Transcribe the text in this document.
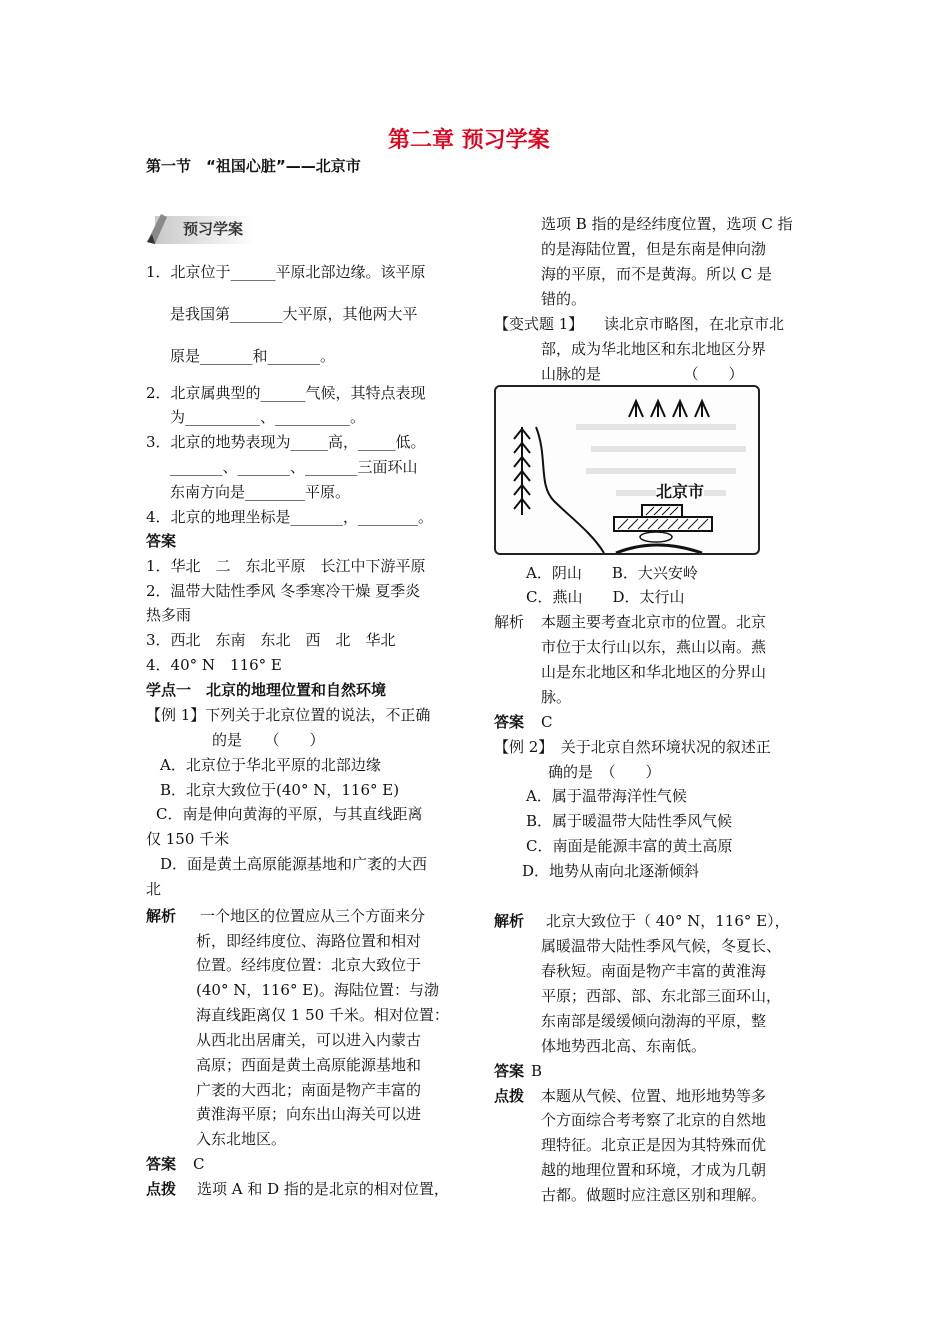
第二章 预习学案
第一节　“祖国心脏”——北京市
预习学案
1．北京位于______平原北部边缘。该平原
是我国第_______大平原，其他两大平
原是_______和_______。
2．北京属典型的______气候，其特点表现
为__________、__________。
3．北京的地势表现为_____高，_____低。
_______、_______、_______三面环山
东南方向是________平原。
4．北京的地理坐标是_______，________。
答案
1．华北　二　东北平原　长江中下游平原
2．温带大陆性季风 冬季寒冷干燥 夏季炎
热多雨
3．西北　东南　东北　西　北　华北
4．40° N　116° E
学点一　北京的地理位置和自然环境
【例 1】下列关于北京位置的说法，不正确
的是　　（　　）
A．北京位于华北平原的北部边缘
B．北京大致位于(40° N，116° E)
C．南是伸向黄海的平原，与其直线距离
仅 150 千米
D．面是黄土高原能源基地和广袤的大西
北
解析 一个地区的位置应从三个方面来分
析，即经纬度位、海路位置和相对
位置。经纬度位置：北京大致位于
(40° N，116° E)。海陆位置：与渤
海直线距离仅 1 50 千米。相对位置：
从西北出居庸关，可以进入内蒙古
高原；西面是黄土高原能源基地和
广袤的大西北；南面是物产丰富的
黄淮海平原；向东出山海关可以进
入东北地区。
答案 C
点拨 选项 A 和 D 指的是北京的相对位置，
选项 B 指的是经纬度位置，选项 C 指
的是海陆位置，但是东南是伸向渤
海的平原，而不是黄海。所以 C 是
错的。
【变式题 1】 读北京市略图，在北京市北
部，成为华北地区和东北地区分界
山脉的是　　　　　　（　　）
北京市
A．阴山　　B．大兴安岭
C．燕山　　D．太行山
解析 本题主要考查北京市的位置。北京
市位于太行山以东，燕山以南。燕
山是东北地区和华北地区的分界山
脉。
答案 C
【例 2】　关于北京自然环境状况的叙述正
确的是　（　　）
A．属于温带海洋性气候
B．属于暖温带大陆性季风气候
C．南面是能源丰富的黄土高原
D．地势从南向北逐渐倾斜
解析 北京大致位于（ 40° N，116° E），
属暖温带大陆性季风气候，冬夏长、
春秋短。南面是物产丰富的黄淮海
平原；西部、部、东北部三面环山，
东南部是缓缓倾向渤海的平原，整
体地势西北高、东南低。
答案 B
点拨 本题从气候、位置、地形地势等多
个方面综合考考察了北京的自然地
理特征。北京正是因为其特殊而优
越的地理位置和环境，才成为几朝
古都。做题时应注意区别和理解。
